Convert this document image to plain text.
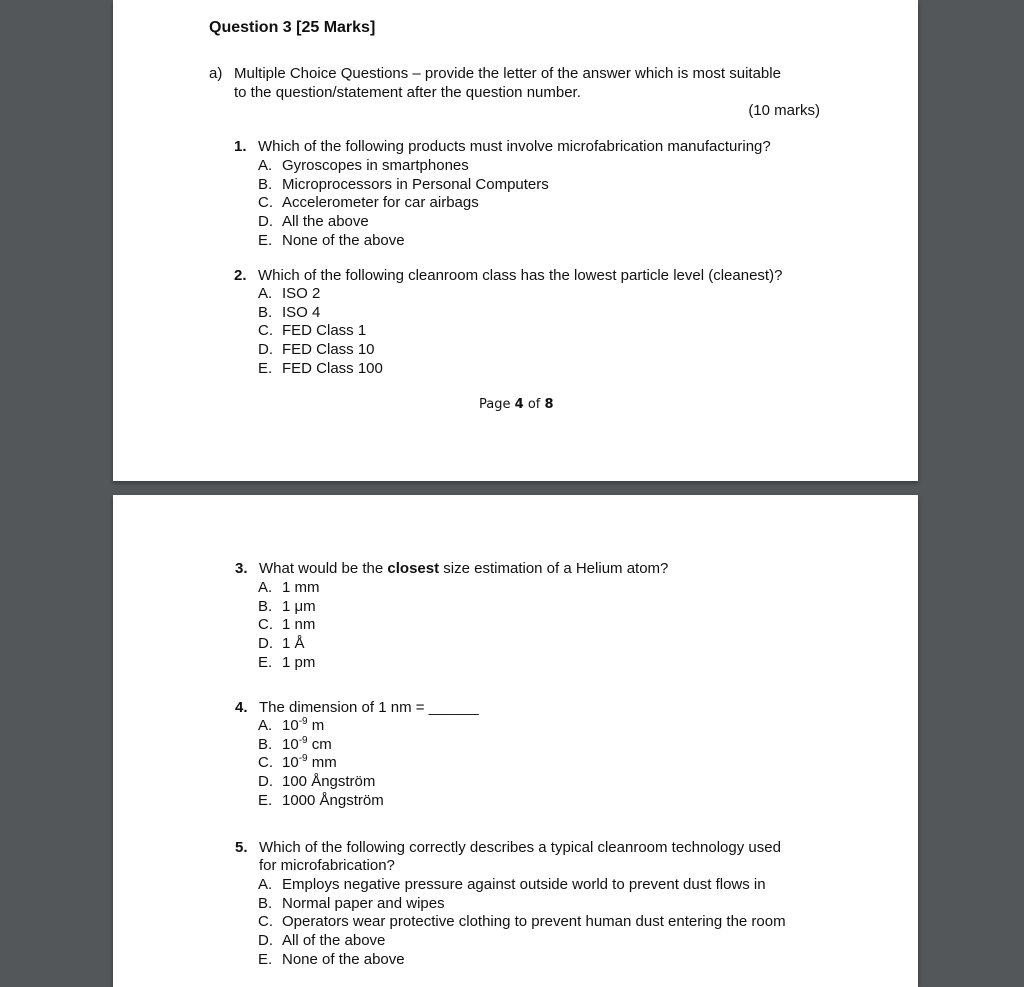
Question 3 [25 Marks]
a) Multiple Choice Questions – provide the letter of the answer which is most suitable
to the question/statement after the question number.
(10 marks)
1. Which of the following products must involve microfabrication manufacturing?
A. Gyroscopes in smartphones
B. Microprocessors in Personal Computers
C. Accelerometer for car airbags
D. All the above
E. None of the above
2. Which of the following cleanroom class has the lowest particle level (cleanest)?
A. ISO 2
B. ISO 4
C. FED Class 1
D. FED Class 10
E. FED Class 100
Page 4 of 8
3. What would be the closest size estimation of a Helium atom?
A. 1 mm
B. 1 μm
C. 1 nm
D. 1 Å
E. 1 pm
4. The dimension of 1 nm = ______
A. $10^{-9}$ m
B. $10^{-9}$ cm
C. $10^{-9}$ mm
D. 100 Ångström
E. 1000 Ångström
5. Which of the following correctly describes a typical cleanroom technology used
for microfabrication?
A. Employs negative pressure against outside world to prevent dust flows in
B. Normal paper and wipes
C. Operators wear protective clothing to prevent human dust entering the room
D. All of the above
E. None of the above
